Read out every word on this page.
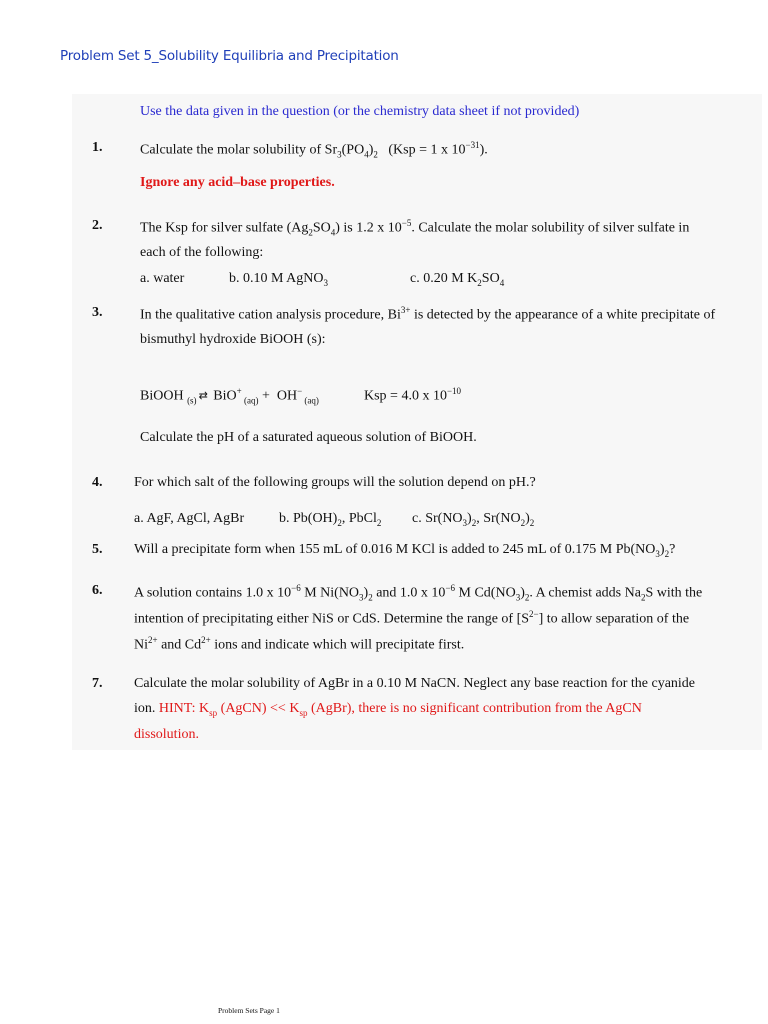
Problem Set 5_Solubility Equilibria and Precipitation
Use the data given in the question (or the chemistry data sheet if not provided)
1.	Calculate the molar solubility of $Sr_3(PO_4)_2$   (Ksp = 1 x $10^{-31}$).
Ignore any acid–base properties.
2.	The Ksp for silver sulfate $(Ag_2SO_4)$ is 1.2 x $10^{-5}$. Calculate the molar solubility of silver sulfate in
each of the following:
a. water	b. 0.10 M AgNO$_3$	c. 0.20 M $K_2SO_4$
3.	In the qualitative cation analysis procedure, $Bi^{3+}$ is detected by the appearance of a white precipitate of
bismuthyl hydroxide BiOOH (s):
BiOOH $_{(s)}$ ⇄ BiO+ $_{(aq)}$ +  OH− $_{(aq)}$	Ksp = 4.0 x $10^{-10}$
Calculate the pH of a saturated aqueous solution of BiOOH.
4. For which salt of the following groups will the solution depend on pH.?
a. AgF, AgCl, AgBr b. $Pb(OH)_2$, PbCl$_2$ c. $Sr(NO_3)_2$, $Sr(NO_2)_2$
5. Will a precipitate form when 155 mL of 0.016 M KCl is added to 245 mL of 0.175 M $Pb(NO_3)_2$?
6. A solution contains 1.0 x $10^{-6}$ M $Ni(NO_3)_2$ and 1.0 x $10^{-6}$ M $Cd(NO_3)_2$. A chemist adds $Na_2S$ with the
intention of precipitating either NiS or CdS. Determine the range of $[S^{2-}]$ to allow separation of the
$Ni^{2+}$ and $Cd^{2+}$ ions and indicate which will precipitate first.
7. Calculate the molar solubility of AgBr in a 0.10 M NaCN. Neglect any base reaction for the cyanide
ion. HINT: $K_{sp}$ (AgCN) << $K_{sp}$ (AgBr), there is no significant contribution from the AgCN
dissolution.
Problem Sets Page 1
